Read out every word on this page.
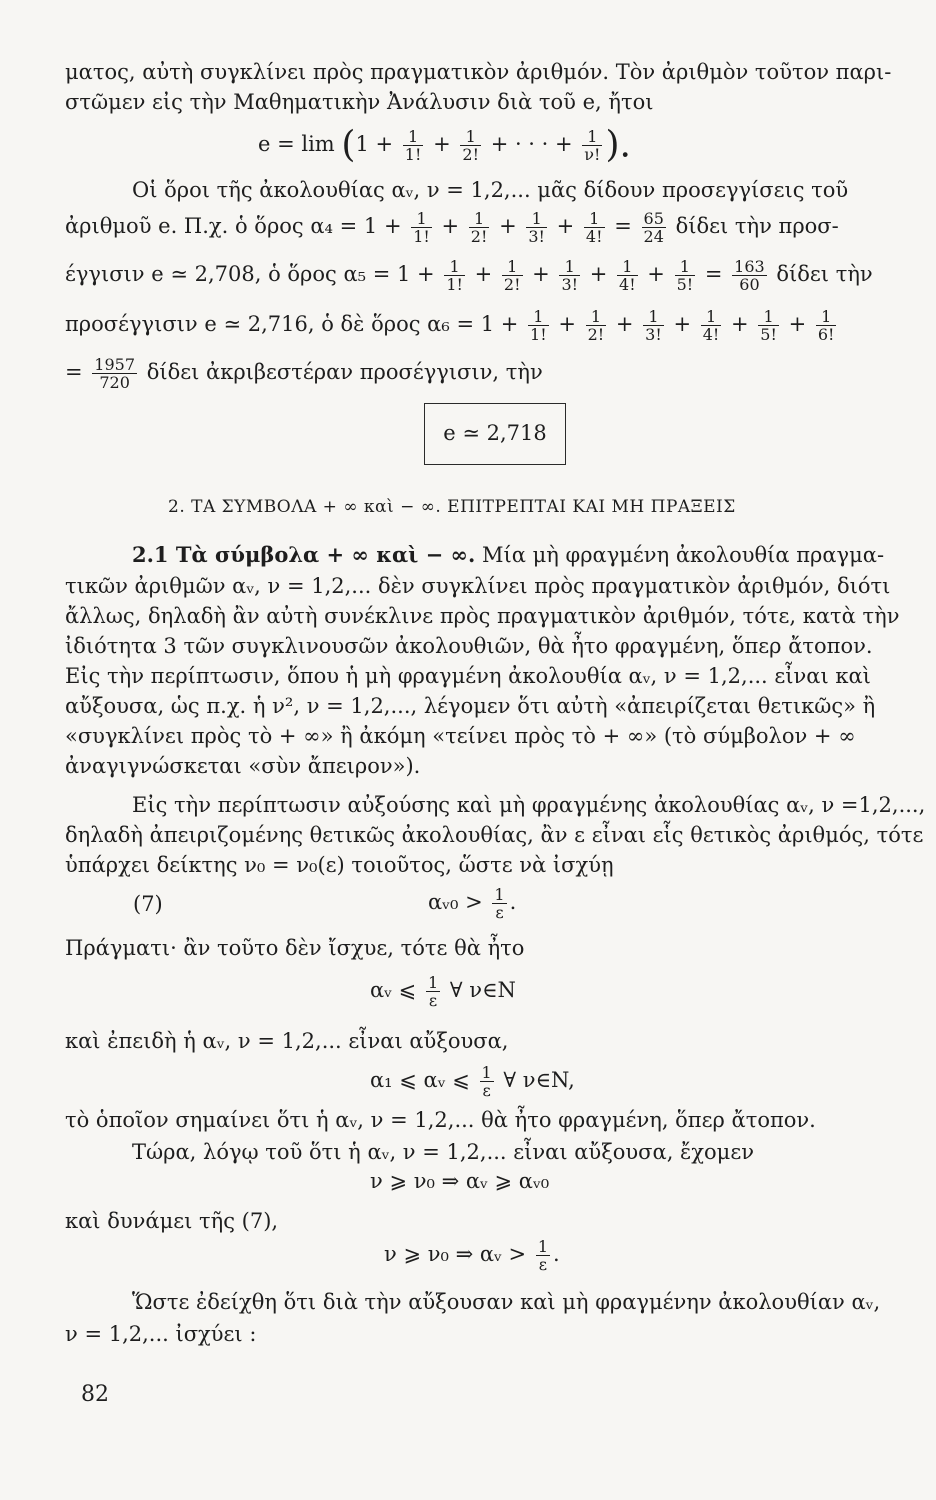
ματος, αὐτὴ συγκλίνει πρὸς πραγματικὸν ἀριθμόν. Τὸν ἀριθμὸν τοῦτον παρι-
στῶμεν εἰς τὴν Μαθηματικὴν Ἀνάλυσιν διὰ τοῦ e, ἤτοι
$e = \lim (1 + \frac{1}{1!} + \frac{1}{2!}$ + · · · + $\frac{1}{\nu!}$ ).
Οἱ ὅροι τῆς ἀκολουθίας αᵥ, ν = 1,2,... μᾶς δίδουν προσεγγίσεις τοῦ
ἀριθμοῦ e. Π.χ. ὁ ὅρος $\alpha_4 = 1 + \frac{1}{1!} + \frac{1}{2!} + \frac{1}{3!} + \frac{1}{4!} = \frac{65}{24}$ δίδει τὴν προσ-
έγγισιν e ≃ 2,708, ὁ ὅρος $\alpha_5 = 1 + \frac{1}{1!} + \frac{1}{2!} + \frac{1}{3!} + \frac{1}{4!} + \frac{1}{5!} = \frac{163}{60}$ δίδει τὴν
προσέγγισιν e ≃ 2,716, ὁ δὲ ὅρος $\alpha_6 = 1 + \frac{1}{1!} + \frac{1}{2!} + \frac{1}{3!} + \frac{1}{4!} + \frac{1}{5!} + \frac{1}{6!}$
= $\frac{1957}{720}$ δίδει ἀκριβεστέραν προσέγγισιν, τὴν
e ≃ 2,718
2. ΤΑ ΣΥΜΒΟΛΑ + ∞ καὶ − ∞. ΕΠΙΤΡΕΠΤΑΙ ΚΑΙ ΜΗ ΠΡΑΞΕΙΣ
2.1 Τὰ σύμβολα + ∞ καὶ − ∞. Μία μὴ φραγμένη ἀκολουθία πραγμα-
τικῶν ἀριθμῶν αᵥ, ν = 1,2,... δὲν συγκλίνει πρὸς πραγματικὸν ἀριθμόν, διότι
ἄλλως, δηλαδὴ ἂν αὐτὴ συνέκλινε πρὸς πραγματικὸν ἀριθμόν, τότε, κατὰ τὴν
ἰδιότητα 3 τῶν συγκλινουσῶν ἀκολουθιῶν, θὰ ἦτο φραγμένη, ὅπερ ἄτοπον.
Εἰς τὴν περίπτωσιν, ὅπου ἡ μὴ φραγμένη ἀκολουθία αᵥ, ν = 1,2,... εἶναι καὶ
αὔξουσα, ὡς π.χ. ἡ ν², ν = 1,2,..., λέγομεν ὅτι αὐτὴ «ἀπειρίζεται θετικῶς» ἢ
«συγκλίνει πρὸς τὸ + ∞» ἢ ἀκόμη «τείνει πρὸς τὸ + ∞» (τὸ σύμβολον + ∞
ἀναγιγνώσκεται «σὺν ἄπειρον»).
Εἰς τὴν περίπτωσιν αὐξούσης καὶ μὴ φραγμένης ἀκολουθίας αᵥ, ν =1,2,...,
δηλαδὴ ἀπειριζομένης θετικῶς ἀκολουθίας, ἂν ε εἶναι εἷς θετικὸς ἀριθμός, τότε
ὑπάρχει δείκτης ν₀ = ν₀(ε) τοιοῦτος, ὥστε νὰ ἰσχύῃ
(7)	αᵥ₀ > $\frac{1}{\varepsilon}$ .
Πράγματι· ἂν τοῦτο δὲν ἴσχυε, τότε θὰ ἦτο
αᵥ ⩽ $\frac{1}{\varepsilon}$ ∀ ν∈N
καὶ ἐπειδὴ ἡ αᵥ, ν = 1,2,... εἶναι αὔξουσα,
α₁ ⩽ αᵥ ⩽ $\frac{1}{\varepsilon}$ ∀ ν∈N,
τὸ ὁποῖον σημαίνει ὅτι ἡ αᵥ, ν = 1,2,... θὰ ἦτο φραγμένη, ὅπερ ἄτοπον.
Τώρα, λόγῳ τοῦ ὅτι ἡ αᵥ, ν = 1,2,... εἶναι αὔξουσα, ἔχομεν
ν ⩾ ν₀ ⇒ αᵥ ⩾ αᵥ₀
καὶ δυνάμει τῆς (7),
ν ⩾ ν₀ ⇒ αᵥ > $\frac{1}{\varepsilon}$ .
Ὥστε ἐδείχθη ὅτι διὰ τὴν αὔξουσαν καὶ μὴ φραγμένην ἀκολουθίαν αᵥ,
ν = 1,2,... ἰσχύει :
82
